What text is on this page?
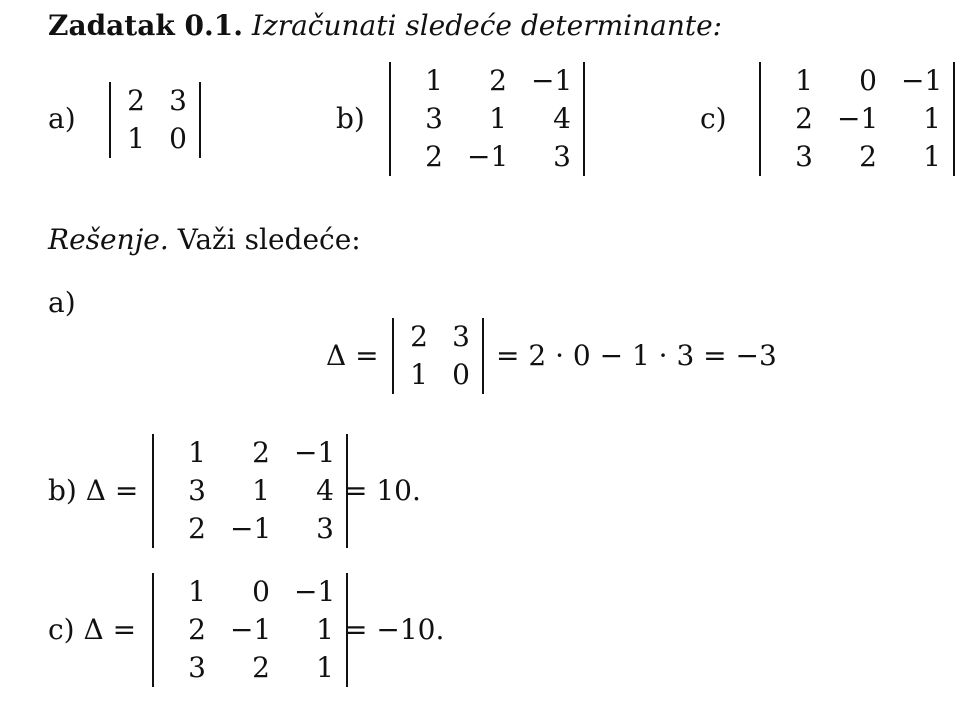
Zadatak 0.1. Izračunati sledeće determinante:
a)
2 3
1 0
b)
1	2 −1
3	1	4
2 −1	3
c)
1	0 −1
2 −1	1
3	2	1
Rešenje. Važi sledeće:
a)
Δ =
2 3
1 0
= 2 · 0 − 1 · 3 = −3
b) Δ =
1	2 −1
3	1	4
2 −1	3
= 10.
c) Δ =
1	0 −1
2 −1	1
3	2	1
= −10.
